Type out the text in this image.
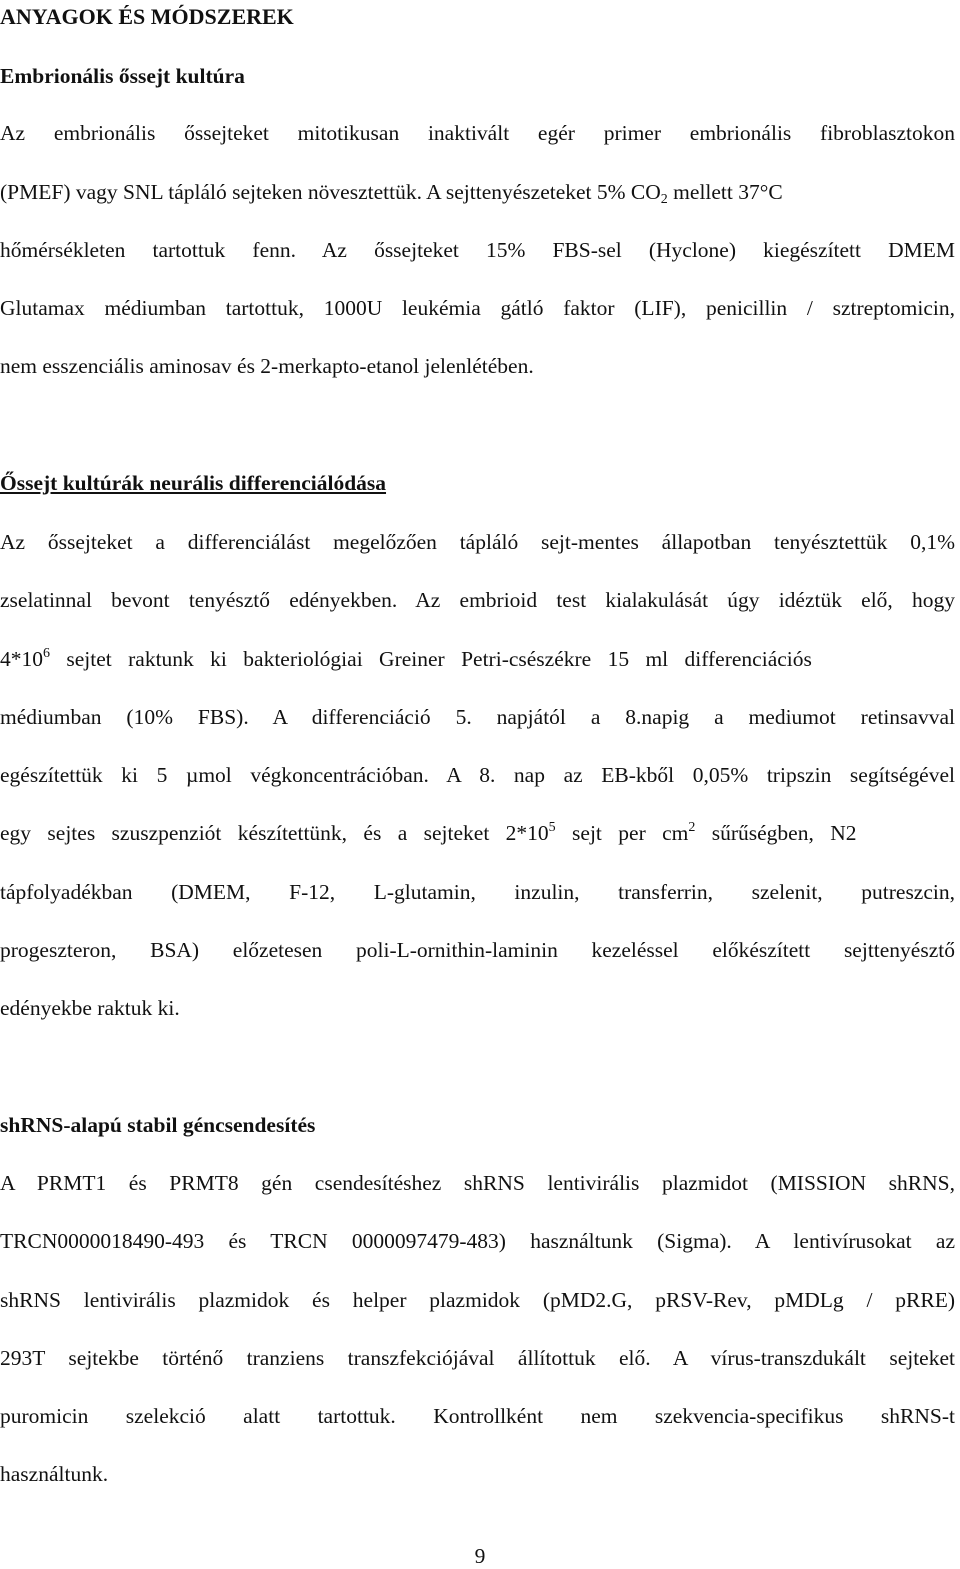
ANYAGOK ÉS MÓDSZEREK
Embrionális őssejt kultúra
Az embrionális őssejteket mitotikusan inaktivált egér primer embrionális fibroblasztokon
(PMEF) vagy SNL tápláló sejteken növesztettük. A sejttenyészeteket 5% $CO_2$ mellett 37°C
hőmérsékleten tartottuk fenn. Az őssejteket 15% FBS-sel (Hyclone) kiegészített DMEM
Glutamax médiumban tartottuk, 1000U leukémia gátló faktor (LIF), penicillin / sztreptomicin,
nem esszenciális aminosav és 2-merkapto-etanol jelenlétében.
Őssejt kultúrák neurális differenciálódása
Az őssejteket a differenciálást megelőzően tápláló sejt-mentes állapotban tenyésztettük 0,1%
zselatinnal bevont tenyésztő edényekben. Az embrioid test kialakulását úgy idéztük elő, hogy
$4*10^6$ sejtet raktunk ki bakteriológiai Greiner Petri-csészékre 15 ml differenciációs
médiumban (10% FBS). A differenciáció 5. napjától a 8.napig a mediumot retinsavval
egészítettük ki 5 µmol végkoncentrációban. A 8. nap az EB-kből 0,05% tripszin segítségével
egy sejtes szuszpenziót készítettünk, és a sejteket $2*10^5$ sejt per $cm^2$ sűrűségben, N2
tápfolyadékban (DMEM, F-12, L-glutamin, inzulin, transferrin, szelenit, putreszcin,
progeszteron, BSA) előzetesen poli-L-ornithin-laminin kezeléssel előkészített sejttenyésztő
edényekbe raktuk ki.
shRNS-alapú stabil géncsendesítés
A PRMT1 és PRMT8 gén csendesítéshez shRNS lentivirális plazmidot (MISSION shRNS,
TRCN0000018490-493 és TRCN 0000097479-483) használtunk (Sigma). A lentivírusokat az
shRNS lentivirális plazmidok és helper plazmidok (pMD2.G, pRSV-Rev, pMDLg / pRRE)
293T sejtekbe történő tranziens transzfekciójával állítottuk elő. A vírus-transzdukált sejteket
puromicin szelekció alatt tartottuk. Kontrollként nem szekvencia-specifikus shRNS-t
használtunk.
9
